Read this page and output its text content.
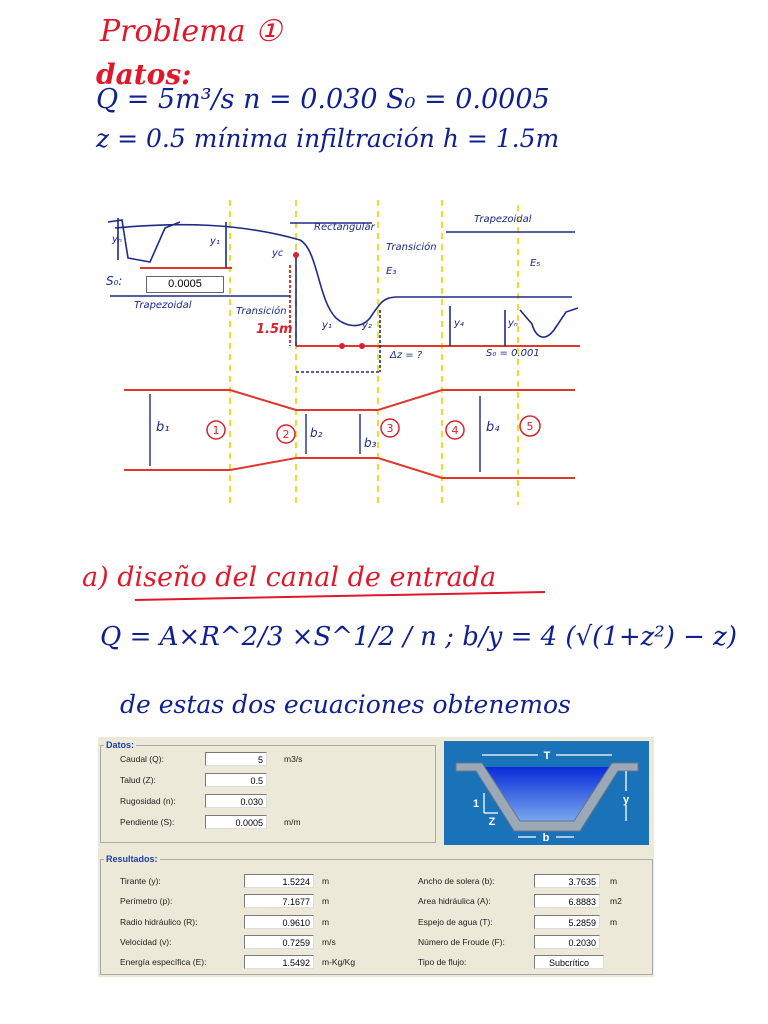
Problema ①
datos:
Q = 5m³/s n = 0.030 S₀ = 0.0005
z = 0.5 mínima infiltración h = 1.5m
1	2	3	4	5
0.0005
Trapezoidal
Transición
Rectangular
Transición
Trapezoidal
S₀:
S₀ = 0.001
1.5m
Δz = ?
y₁
yc
y₁	y₂	y₄	yₙ
yₙ
E₃
E₅
b₁	b₂
b₃
b₄
a) diseño del canal de entrada
Q = A×R^2/3 ×S^1/2 / n ; b/y = 4 (√(1+z²) − z)
de estas dos ecuaciones obtenemos
Datos:
Caudal (Q):	5	m3/s
Talud (Z):	0.5
Rugosidad (n):	0.030
Pendiente (S):	0.0005	m/m
T
b
y
1
Z
Resultados:
Tirante (y):	1.5224	m
Perímetro (p):	7.1677	m
Radio hidráulico (R):	0.9610	m
Velocidad (v):	0.7259	m/s
Energía específica (E):	1.5492	m-Kg/Kg
Ancho de solera (b):	3.7635	m
Area hidráulica (A):	6.8883	m2
Espejo de agua (T):	5.2859	m
Número de Froude (F):	0.2030
Tipo de flujo:	Subcrítico
